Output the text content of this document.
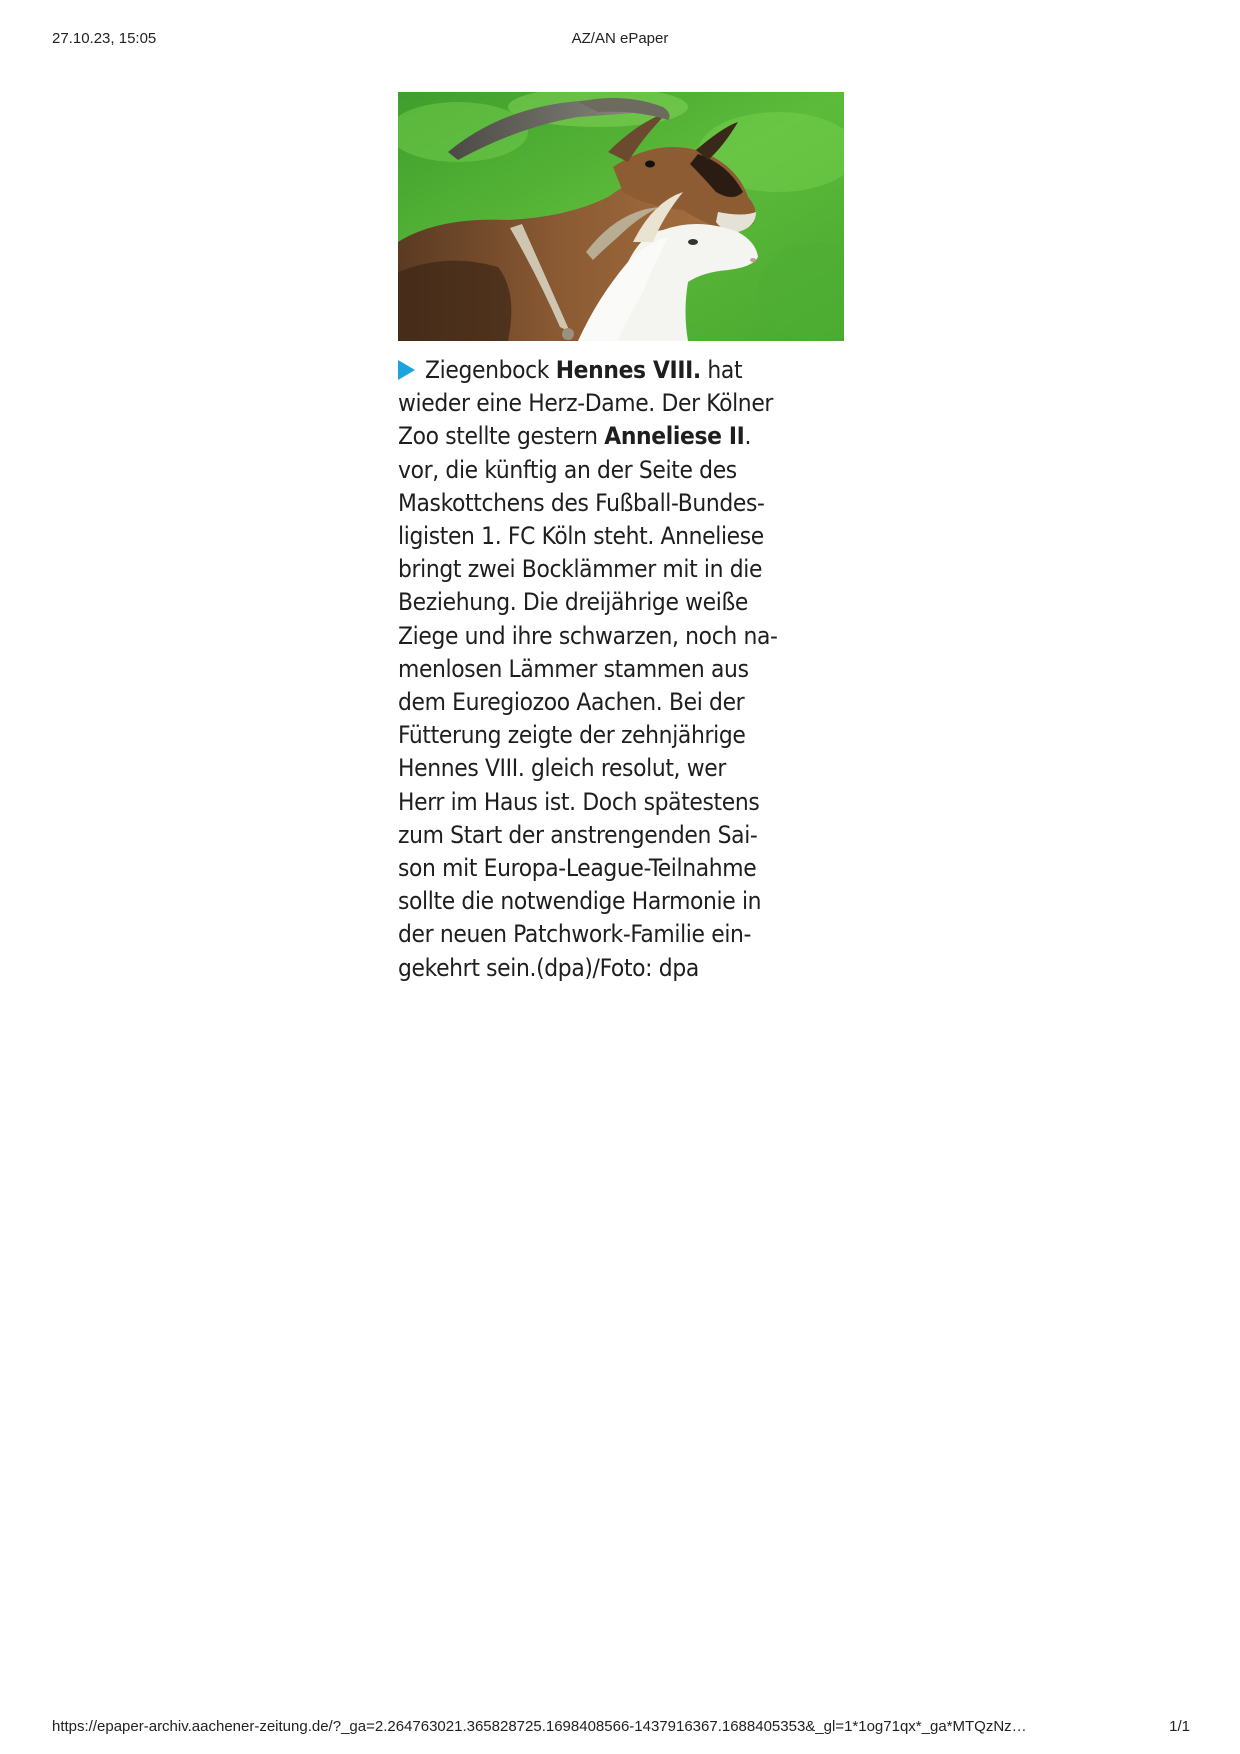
27.10.23, 15:05	AZ/AN ePaper
Ziegenbock Hennes VIII. hat
wieder eine Herz-Dame. Der Kölner
Zoo stellte gestern Anneliese II.
vor, die künftig an der Seite des
Maskottchens des Fußball-Bundes-
ligisten 1. FC Köln steht. Anneliese
bringt zwei Bocklämmer mit in die
Beziehung. Die dreijährige weiße
Ziege und ihre schwarzen, noch na-
menlosen Lämmer stammen aus
dem Euregiozoo Aachen. Bei der
Fütterung zeigte der zehnjährige
Hennes VIII. gleich resolut, wer
Herr im Haus ist. Doch spätestens
zum Start der anstrengenden Sai-
son mit Europa-League-Teilnahme
sollte die notwendige Harmonie in
der neuen Patchwork-Familie ein-
gekehrt sein.(dpa)/Foto: dpa
https://epaper-archiv.aachener-zeitung.de/?_ga=2.264763021.365828725.1698408566-1437916367.1688405353&_gl=1*1og71qx*_ga*MTQzNz…	1/1
